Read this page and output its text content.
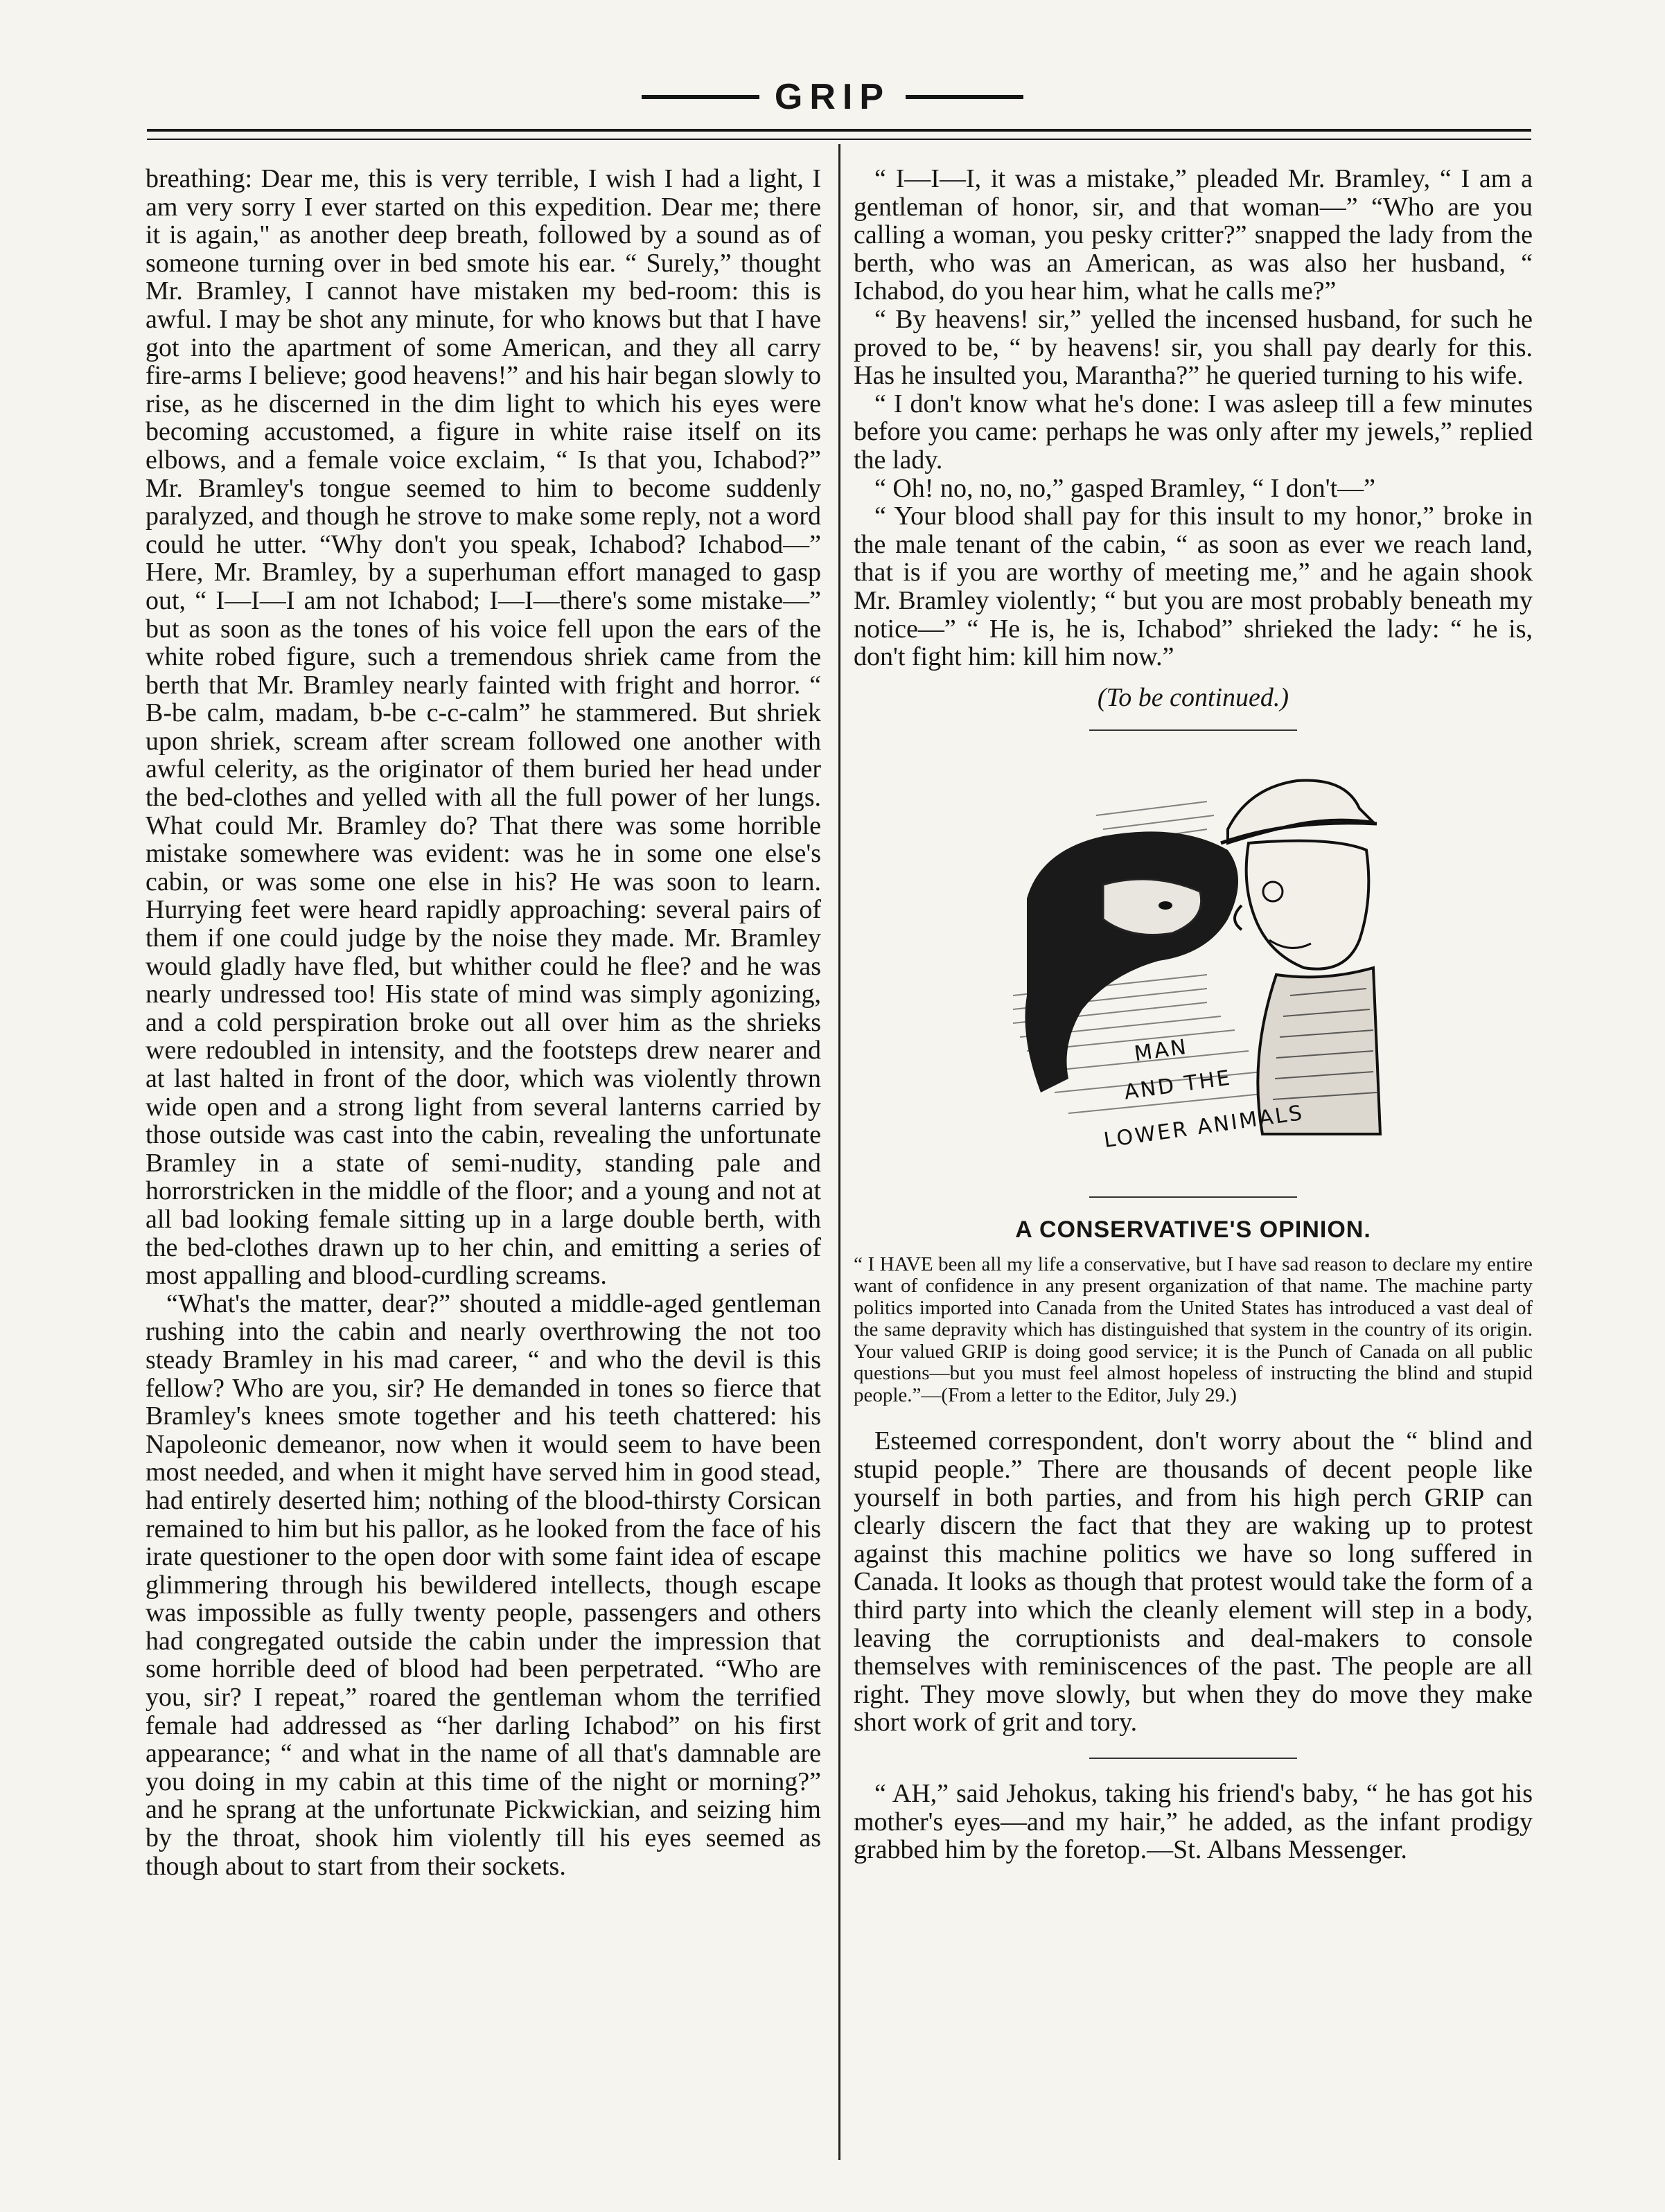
GRIP

breathing: Dear me, this is very terrible, I wish I had a light, I am very sorry I ever started on this expedition. Dear me; there it is again," as another deep breath, followed by a sound as of someone turning over in bed smote his ear. “ Surely,” thought Mr. Bramley, I cannot have mistaken my bed-room: this is awful. I may be shot any minute, for who knows but that I have got into the apartment of some American, and they all carry fire-arms I believe; good heavens!” and his hair began slowly to rise, as he discerned in the dim light to which his eyes were becoming accustomed, a figure in white raise itself on its elbows, and a female voice exclaim, “ Is that you, Ichabod?” Mr. Bramley's tongue seemed to him to become suddenly paralyzed, and though he strove to make some reply, not a word could he utter. “Why don't you speak, Ichabod? Ichabod—” Here, Mr. Bramley, by a superhuman effort managed to gasp out, “ I—I—I am not Ichabod; I—I—there's some mistake—” but as soon as the tones of his voice fell upon the ears of the white robed figure, such a tremendous shriek came from the berth that Mr. Bramley nearly fainted with fright and horror. “ B-be calm, madam, b-be c-c-calm” he stammered. But shriek upon shriek, scream after scream followed one another with awful celerity, as the originator of them buried her head under the bed-clothes and yelled with all the full power of her lungs. What could Mr. Bramley do? That there was some horrible mistake somewhere was evident: was he in some one else's cabin, or was some one else in his? He was soon to learn. Hurrying feet were heard rapidly approaching: several pairs of them if one could judge by the noise they made. Mr. Bramley would gladly have fled, but whither could he flee? and he was nearly undressed too! His state of mind was simply agonizing, and a cold perspiration broke out all over him as the shrieks were redoubled in intensity, and the footsteps drew nearer and at last halted in front of the door, which was violently thrown wide open and a strong light from several lanterns carried by those outside was cast into the cabin, revealing the unfortunate Bramley in a state of semi-nudity, standing pale and horrorstricken in the middle of the floor; and a young and not at all bad looking female sitting up in a large double berth, with the bed-clothes drawn up to her chin, and emitting a series of most appalling and blood-curdling screams.

“What's the matter, dear?” shouted a middle-aged gentleman rushing into the cabin and nearly overthrowing the not too steady Bramley in his mad career, “ and who the devil is this fellow? Who are you, sir? He demanded in tones so fierce that Bramley's knees smote together and his teeth chattered: his Napoleonic demeanor, now when it would seem to have been most needed, and when it might have served him in good stead, had entirely deserted him; nothing of the blood-thirsty Corsican remained to him but his pallor, as he looked from the face of his irate questioner to the open door with some faint idea of escape glimmering through his bewildered intellects, though escape was impossible as fully twenty people, passengers and others had congregated outside the cabin under the impression that some horrible deed of blood had been perpetrated. “Who are you, sir? I repeat,” roared the gentleman whom the terrified female had addressed as “her darling Ichabod” on his first appearance; “ and what in the name of all that's damnable are you doing in my cabin at this time of the night or morning?” and he sprang at the unfortunate Pickwickian, and seizing him by the throat, shook him violently till his eyes seemed as though about to start from their sockets.

“ I—I—I, it was a mistake,” pleaded Mr. Bramley, “ I am a gentleman of honor, sir, and that woman—” “Who are you calling a woman, you pesky critter?” snapped the lady from the berth, who was an American, as was also her husband, “ Ichabod, do you hear him, what he calls me?”

“ By heavens! sir,” yelled the incensed husband, for such he proved to be, “ by heavens! sir, you shall pay dearly for this. Has he insulted you, Marantha?” he queried turning to his wife.

“ I don't know what he's done: I was asleep till a few minutes before you came: perhaps he was only after my jewels,” replied the lady.

“ Oh! no, no, no,” gasped Bramley, “ I don't—”

“ Your blood shall pay for this insult to my honor,” broke in the male tenant of the cabin, “ as soon as ever we reach land, that is if you are worthy of meeting me,” and he again shook Mr. Bramley violently; “ but you are most probably beneath my notice—” “ He is, he is, Ichabod” shrieked the lady: “ he is, don't fight him: kill him now.”

(To be continued.)

MAN
AND THE
LOWER ANIMALS
A CONSERVATIVE'S OPINION.

“ I HAVE been all my life a conservative, but I have sad reason to declare my entire want of confidence in any present organization of that name. The machine party politics imported into Canada from the United States has introduced a vast deal of the same depravity which has distinguished that system in the country of its origin. Your valued GRIP is doing good service; it is the Punch of Canada on all public questions—but you must feel almost hopeless of instructing the blind and stupid people.”—(From a letter to the Editor, July 29.)

Esteemed correspondent, don't worry about the “ blind and stupid people.” There are thousands of decent people like yourself in both parties, and from his high perch GRIP can clearly discern the fact that they are waking up to protest against this machine politics we have so long suffered in Canada. It looks as though that protest would take the form of a third party into which the cleanly element will step in a body, leaving the corruptionists and deal-makers to console themselves with reminiscences of the past. The people are all right. They move slowly, but when they do move they make short work of grit and tory.

“ AH,” said Jehokus, taking his friend's baby, “ he has got his mother's eyes—and my hair,” he added, as the infant prodigy grabbed him by the foretop.—St. Albans Messenger.
